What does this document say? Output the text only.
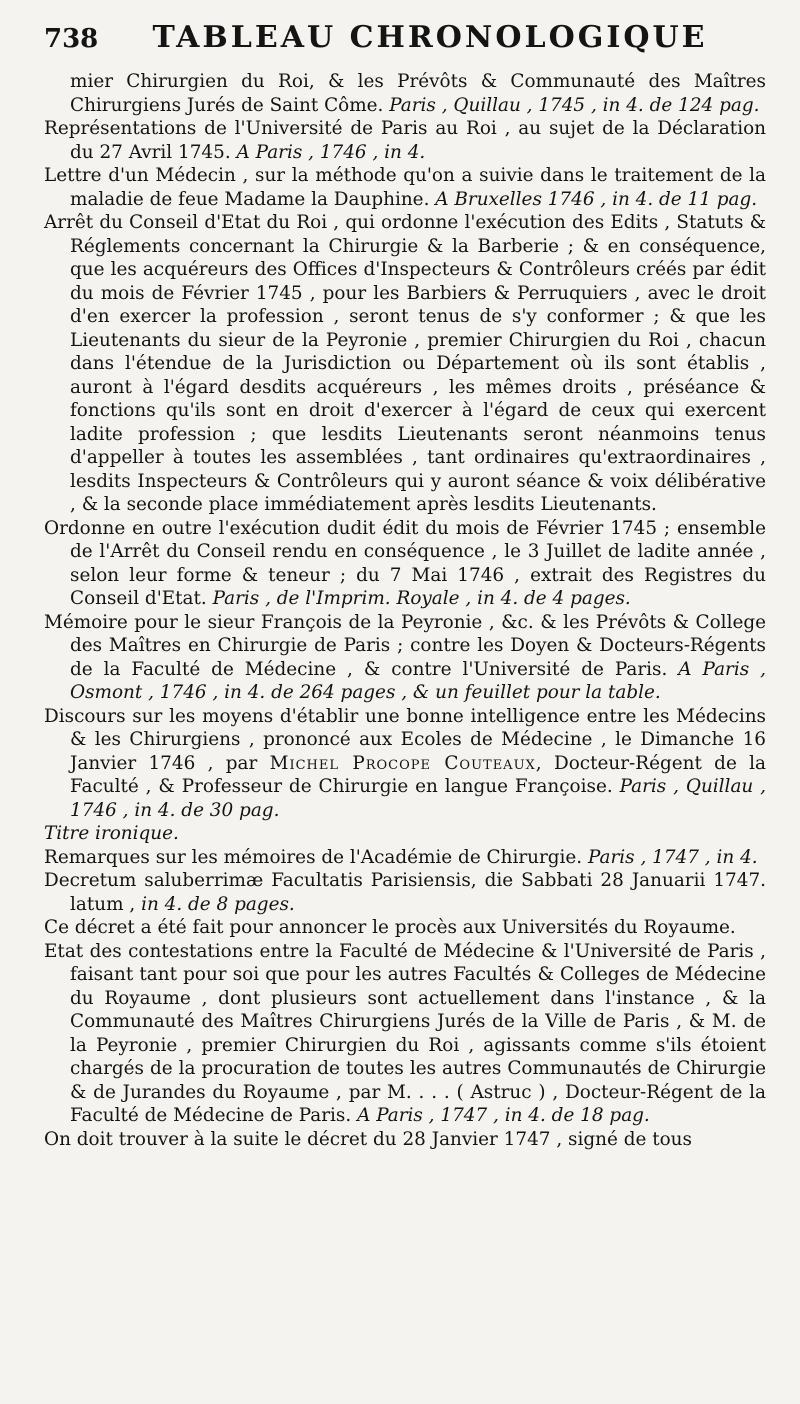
738	TABLEAU CHRONOLOGIQUE

mier Chirurgien du Roi, & les Prévôts & Communauté des Maîtres Chirurgiens Jurés de Saint Côme. Paris , Quillau , 1745 , in 4. de 124 pag.

Représentations de l'Université de Paris au Roi , au sujet de la Déclaration du 27 Avril 1745. A Paris , 1746 , in 4.

Lettre d'un Médecin , sur la méthode qu'on a suivie dans le traitement de la maladie de feue Madame la Dauphine. A Bruxelles 1746 , in 4. de 11 pag.

Arrêt du Conseil d'Etat du Roi , qui ordonne l'exécution des Edits , Statuts & Réglements concernant la Chirurgie & la Barberie ; & en conséquence, que les acquéreurs des Offices d'Inspecteurs & Contrôleurs créés par édit du mois de Février 1745 , pour les Barbiers & Perruquiers , avec le droit d'en exercer la profession , seront tenus de s'y conformer ; & que les Lieutenants du sieur de la Peyronie , premier Chirurgien du Roi , chacun dans l'étendue de la Jurisdiction ou Département où ils sont établis , auront à l'égard desdits acquéreurs , les mêmes droits , préséance & fonctions qu'ils sont en droit d'exercer à l'égard de ceux qui exercent ladite profession ; que lesdits Lieutenants seront néanmoins tenus d'appeller à toutes les assemblées , tant ordinaires qu'extraordinaires , lesdits Inspecteurs & Contrôleurs qui y auront séance & voix délibérative , & la seconde place immédiatement après lesdits Lieutenants.

Ordonne en outre l'exécution dudit édit du mois de Février 1745 ; ensemble de l'Arrêt du Conseil rendu en conséquence , le 3 Juillet de ladite année , selon leur forme & teneur ; du 7 Mai 1746 , extrait des Registres du Conseil d'Etat. Paris , de l'Imprim. Royale , in 4. de 4 pages.

Mémoire pour le sieur François de la Peyronie , &c. & les Prévôts & College des Maîtres en Chirurgie de Paris ; contre les Doyen & Docteurs-Régents de la Faculté de Médecine , & contre l'Université de Paris. A Paris , Osmont , 1746 , in 4. de 264 pages , & un feuillet pour la table.

Discours sur les moyens d'établir une bonne intelligence entre les Médecins & les Chirurgiens , prononcé aux Ecoles de Médecine , le Dimanche 16 Janvier 1746 , par Michel Procope Couteaux, Docteur-Régent de la Faculté , & Professeur de Chirurgie en langue Françoise. Paris , Quillau , 1746 , in 4. de 30 pag.

Titre ironique.

Remarques sur les mémoires de l'Académie de Chirurgie. Paris , 1747 , in 4.

Decretum saluberrimæ Facultatis Parisiensis, die Sabbati 28 Januarii 1747. latum , in 4. de 8 pages.

Ce décret a été fait pour annoncer le procès aux Universités du Royaume.

Etat des contestations entre la Faculté de Médecine & l'Université de Paris , faisant tant pour soi que pour les autres Facultés & Colleges de Médecine du Royaume , dont plusieurs sont actuellement dans l'instance , & la Communauté des Maîtres Chirurgiens Jurés de la Ville de Paris , & M. de la Peyronie , premier Chirurgien du Roi , agissants comme s'ils étoient chargés de la procuration de toutes les autres Communautés de Chirurgie & de Jurandes du Royaume , par M. . . . ( Astruc ) , Docteur-Régent de la Faculté de Médecine de Paris. A Paris , 1747 , in 4. de 18 pag.

On doit trouver à la suite le décret du 28 Janvier 1747 , signé de tous
